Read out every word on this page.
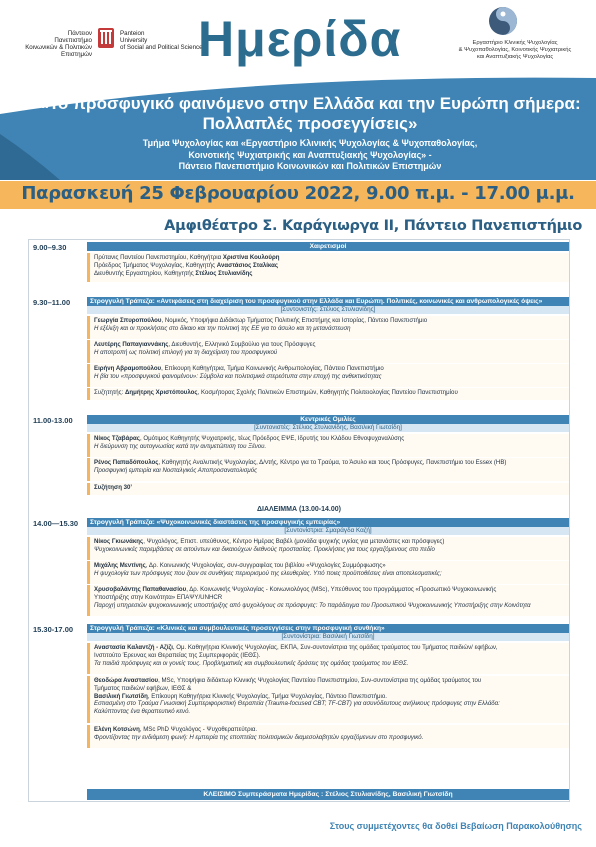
Πάντειον
Πανεπιστήμιο
Κοινωνικών & Πολιτικών Επιστημών
Panteion
University
of Social and Political Sciences
Ημερίδα	Εργαστήριο Κλινικής Ψυχολογίας
& Ψυχοπαθολογίας, Κοινοτικής Ψυχιατρικής
και Αναπτυξιακής Ψυχολογίας
«Το προσφυγικό φαινόμενο στην Ελλάδα και την Ευρώπη σήμερα:
Πολλαπλές προσεγγίσεις»
Τμήμα Ψυχολογίας και «Εργαστήριο Κλινικής Ψυχολογίας & Ψυχοπαθολογίας,
Κοινοτικής Ψυχιατρικής και Αναπτυξιακής Ψυχολογίας» -
Πάντειο Πανεπιστήμιο Κοινωνικών και Πολιτικών Επιστημών
Παρασκευή 25 Φεβρουαρίου 2022, 9.00 π.μ. - 17.00 μ.μ.
Αμφιθέατρο Σ. Καράγιωργα ΙΙ, Πάντειο Πανεπιστήμιο
9.00–9.30	Χαιρετισμοί
Πρύτανις Παντείου Πανεπιστημίου, Καθηγήτρια Χριστίνα Κουλούρη
Πρόεδρος Τμήματος Ψυχολογίας, Καθηγητής Αναστάσιος Σταλίκας
Διευθυντής Εργαστηρίου, Καθηγητής Στέλιος Στυλιανίδης
9.30–11.00	Στρογγυλή Τράπεζα: «Αντιφάσεις στη διαχείριση του προσφυγικού στην Ελλάδα και Ευρώπη. Πολιτικές, κοινωνικές και ανθρωπολογικές όψεις»
[Συντονιστής: Στέλιος Στυλιανίδης]
Γεωργία Σπυροπούλου, Νομικός, Υποψήφια Διδάκτωρ Τμήματος Πολιτικής Επιστήμης και Ιστορίας, Πάντειο Πανεπιστήμιο
Η εξέλιξη και οι προκλήσεις στο δίκαιο και την πολιτική της ΕΕ για το άσυλο και τη μετανάστευση
Λευτέρης Παπαγιαννάκης, Διευθυντής, Ελληνικό Συμβούλιο για τους Πρόσφυγες
Η αποτροπή ως πολιτική επιλογή για τη διαχείριση του προσφυγικού
Ειρήνη Αβραμοπούλου, Επίκουρη Καθηγήτρια, Τμήμα Κοινωνικής Ανθρωπολογίας, Πάντειο Πανεπιστήμιο
Η βία του «προσφυγικού φαινομένου»: Σύμβολα και πολιτισμικά στερεότυπα στην εποχή της ανθεκτικότητας
Συζητητής: Δημήτρης Χριστόπουλος, Κοσμήτορας Σχολής Πολιτικών Επιστημών, Καθηγητής Πολιτειολογίας Παντείου Πανεπιστημίου
11.00-13.00	Κεντρικές Ομιλίες
[Συντονιστές: Στέλιος Στυλιανίδης, Βασιλική Γιωτσίδη]
Νίκος Τζαβάρας, Ομότιμος Καθηγητής Ψυχιατρικής, τέως Πρόεδρος ΕΨΕ, Ιδρυτής του Κλάδου Εθνοψυχαναλύσης
Η διεύρυνση της αυτογνωσίας κατά την αντιμετώπιση του Ξένου.
Ρένος Παπαδόπουλος, Καθηγητής Αναλυτικής Ψυχολογίας, Δ/ντής, Κέντρο για το Τραύμα, το Άσυλο και τους Πρόσφυγες, Πανεπιστήμιο του Essex (ΗΒ)
Προσφυγική εμπειρία και Νοσταλγικός Αποπροσανατολισμός
Συζήτηση 30’
ΔΙΑΛΕΙΜΜΑ (13.00-14.00)
14.00—15.30	Στρογγυλή Τράπεζα: «Ψυχοκοινωνικές διαστάσεις της προσφυγικής εμπειρίας»
[Συντονίστρια: Σμαράγδα Καζή]
Νίκος Γκιωνάκης, Ψυχολόγος, Επιστ. υπεύθυνος, Κέντρο Ημέρας Βαβέλ (μονάδα ψυχικής υγείας για μετανάστες και πρόσφυγες)
Ψυχοκοινωνικές παρεμβάσεις σε αιτούντων και δικαιούχων διεθνούς προστασίας. Προκλήσεις για τους εργαζόμενους στο πεδίο
Μιχάλης Μεντίνης, Δρ. Κοινωνικής Ψυχολογίας, συν-συγγραφέας του βιβλίου «Ψυχολογίες Συμμόρφωσης»
Η ψυχολογία των πρόσφυγες που ζουν σε συνθήκες περιορισμού της ελευθερίας. Υπό ποιες προϋποθέσεις είναι αποτελεσματικές;
Χρυσοβαλάντης Παπαθανασίου, Δρ. Κοινωνικής Ψυχολογίας - Κοινωνιολόγος (MSc), Υπεύθυνος του προγράμματος «Προσωπικό Ψυχοκοινωνικής
Υποστήριξης στην Κοινότητα» ΕΠΑΨΥ/UNHCR
Παροχή υπηρεσιών ψυχοκοινωνικής υποστήριξης από ψυχολόγους σε πρόσφυγες: Το παράδειγμα του Προσωπικού Ψυχοκοινωνικής Υποστήριξης στην Κοινότητα
15.30-17.00	Στρογγυλή Τράπεζα: «Κλινικές και συμβουλευτικές προσεγγίσεις στην προσφυγική συνθήκη»
[Συντονίστρια: Βασιλική Γιωτσίδη]
Αναστασία Καλαντζή - Αζίζι, Ομ. Καθηγήτρια Κλινικής Ψυχολογίας, ΕΚΠΑ, Συν-συντονίστρια της ομάδας τραύματος του Τμήματος παιδιών/ εφήβων,
Ινστιτούτο Έρευνας και Θεραπείας της Συμπεριφοράς (ΙΕΘΣ).
Τα παιδιά πρόσφυγες και οι γονείς τους. Προβληματικές και συμβουλευτικές δράσεις της ομάδας τραύματος του ΙΕΘΣ.
Θεοδώρα Αναστασίου, MSc, Υποψήφια διδάκτωρ Κλινικής Ψυχολογίας Παντείου Πανεπιστημίου, Συν-συντονίστρια της ομάδας τραύματος του
Τμήματος παιδιών/ εφήβων, ΙΕΘΣ &
Βασιλική Γιωτσίδη, Επίκουρη Καθηγήτρια Κλινικής Ψυχολογίας, Τμήμα Ψυχολογίας, Πάντειο Πανεπιστήμιο.
Εστιασμένη στο Τραύμα Γνωσιακή Συμπεριφοριστική Θεραπεία (Trauma-focused CBT; TF-CBT) για ασυνόδευτους ανήλικους πρόσφυγες στην Ελλάδα:
Καλύπτοντας ένα θεραπευτικό κενό.
Ελένη Κοτσώνη, MSc PhD Ψυχολόγος - Ψυχοθεραπεύτρια.
Φροντίζοντας την ενδιάμεση φωνή: Η εμπειρία της εποπτείας πολιτισμικών διαμεσολαβητών εργαζόμενων στο προσφυγικό.
ΚΛΕΙΣΙΜΟ Συμπεράσματα Ημερίδας : Στέλιος Στυλιανίδης, Βασιλική Γιωτσίδη
Στους συμμετέχοντες θα δοθεί Βεβαίωση Παρακολούθησης
